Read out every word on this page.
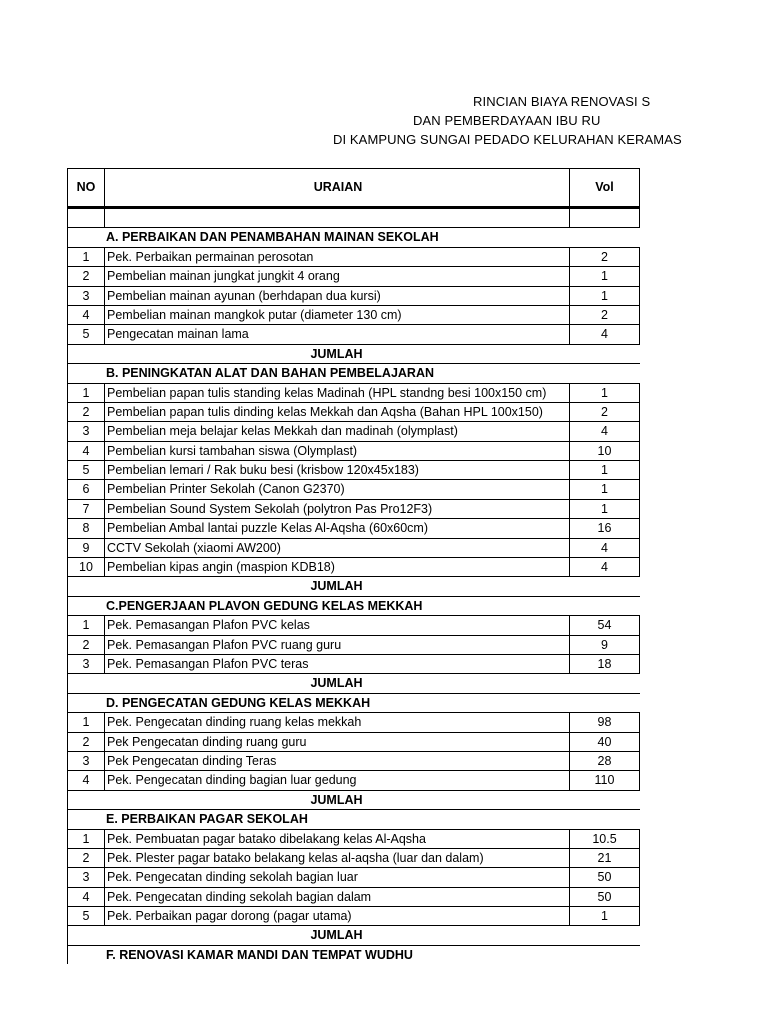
RINCIAN BIAYA RENOVASI S
DAN PEMBERDAYAAN IBU RU
DI KAMPUNG SUNGAI PEDADO KELURAHAN KERAMAS
NO	URAIAN	Vol
A. PERBAIKAN DAN PENAMBAHAN MAINAN SEKOLAH
1	Pek. Perbaikan permainan perosotan	2
2	Pembelian mainan jungkat jungkit 4 orang	1
3	Pembelian mainan ayunan (berhdapan dua kursi)	1
4	Pembelian mainan mangkok putar (diameter 130 cm)	2
5	Pengecatan mainan lama	4
JUMLAH
B. PENINGKATAN ALAT DAN BAHAN PEMBELAJARAN
1	Pembelian papan tulis standing kelas Madinah (HPL standng besi 100x150 cm)	1
2	Pembelian papan tulis dinding kelas Mekkah dan Aqsha (Bahan HPL 100x150)	2
3	Pembelian meja belajar kelas Mekkah dan madinah (olymplast)	4
4	Pembelian kursi tambahan siswa (Olymplast)	10
5	Pembelian lemari / Rak buku besi (krisbow 120x45x183)	1
6	Pembelian Printer Sekolah (Canon G2370)	1
7	Pembelian Sound System Sekolah (polytron Pas Pro12F3)	1
8	Pembelian Ambal lantai puzzle Kelas Al-Aqsha (60x60cm)	16
9	CCTV Sekolah (xiaomi AW200)	4
10	Pembelian kipas angin (maspion KDB18)	4
JUMLAH
C.PENGERJAAN PLAVON GEDUNG KELAS MEKKAH
1	Pek. Pemasangan Plafon PVC kelas	54
2	Pek. Pemasangan Plafon PVC ruang guru	9
3	Pek. Pemasangan Plafon PVC teras	18
JUMLAH
D. PENGECATAN GEDUNG KELAS MEKKAH
1	Pek. Pengecatan dinding ruang kelas mekkah	98
2	Pek Pengecatan dinding ruang guru	40
3	Pek Pengecatan dinding Teras	28
4	Pek. Pengecatan dinding bagian luar gedung	110
JUMLAH
E. PERBAIKAN PAGAR SEKOLAH
1	Pek. Pembuatan pagar batako dibelakang kelas Al-Aqsha	10.5
2	Pek. Plester pagar batako belakang kelas al-aqsha (luar dan dalam)	21
3	Pek. Pengecatan dinding sekolah bagian luar	50
4	Pek. Pengecatan dinding sekolah bagian dalam	50
5	Pek. Perbaikan pagar dorong (pagar utama)	1
JUMLAH
F. RENOVASI KAMAR MANDI DAN TEMPAT WUDHU
